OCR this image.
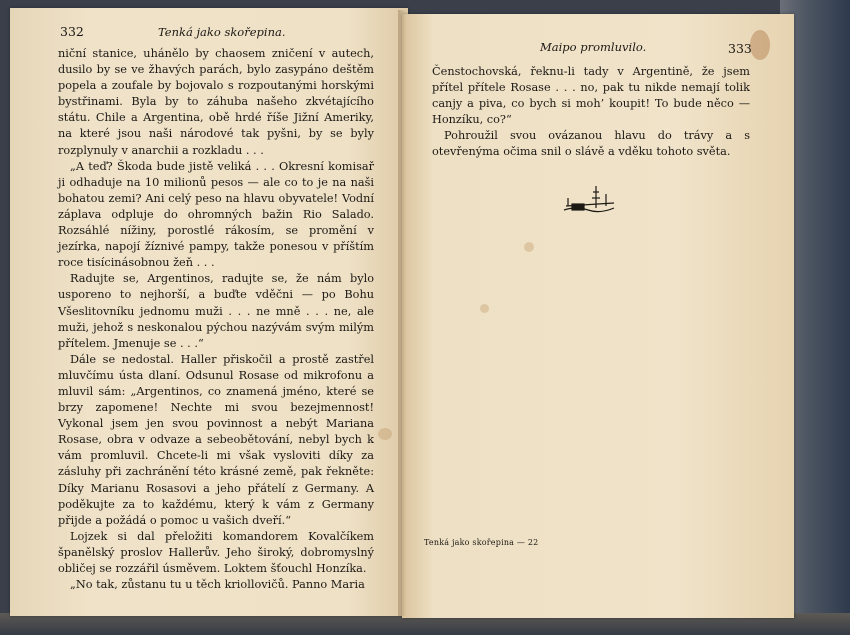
332	Tenká jako skořepina.

niční stanice, uhánělo by chaosem zničení v autech, dusilo by se ve žhavých parách, bylo zasypáno deštěm popela a zoufale by bojovalo s rozpoutanými horskými bystřinami. Byla by to záhuba našeho zkvétajícího státu. Chile a Argentina, obě hrdé říše Jižní Ameriky, na které jsou naši národové tak pyšni, by se byly rozplynuly v anarchii a rozkladu . . .

„A teď? Škoda bude jistě veliká . . . Okresní komisař ji odhaduje na 10 milionů pesos — ale co to je na naši bohatou zemi? Ani celý peso na hlavu obyvatele! Vodní záplava odpluje do ohromných bažin Rio Salado. Rozsáhlé nížiny, porostlé rákosím, se promění v jezírka, napojí žíznivé pampy, takže ponesou v příštím roce tisícinásobnou žeň . . .

Radujte se, Argentinos, radujte se, že nám bylo usporeno to nejhorší, a buďte vděčni — po Bohu Všeslitovníku jednomu muži . . . ne mně . . . ne, ale muži, jehož s neskonalou pýchou nazývám svým milým přítelem. Jmenuje se . . .“

Dále se nedostal. Haller přiskočil a prostě zastřel mluvčímu ústa dlaní. Odsunul Rosase od mikrofonu a mluvil sám: „Argentinos, co znamená jméno, které se brzy zapomene! Nechte mi svou bezejmennost! Vykonal jsem jen svou povinnost a nebýt Mariana Rosase, obra v odvaze a sebeobětování, nebyl bych k vám promluvil. Chcete-li mi však vysloviti díky za zásluhy při zachránění této krásné země, pak řekněte: Díky Marianu Rosasovi a jeho přátelí z Germany. A poděkujte za to každému, který k vám z Germany přijde a požádá o pomoc u vašich dveří.“

Lojzek si dal přeložiti komandorem Kovalčíkem španělský proslov Hallerův. Jeho široký, dobromyslný obličej se rozzářil úsměvem. Loktem šťouchl Honzíka.

„No tak, zůstanu tu u těch kriollovičů. Panno Maria

Maipo promluvilo.	333

Čenstochovská, řeknu-li tady v Argentině, že jsem přítel přítele Rosase . . . no, pak tu nikde nemají tolik canjy a piva, co bych si moh’ koupit! To bude něco — Honzíku, co?“

Pohroužil svou ovázanou hlavu do trávy a s otevřenýma očima snil o slávě a vděku tohoto světa.

Tenká jako skořepina — 22
